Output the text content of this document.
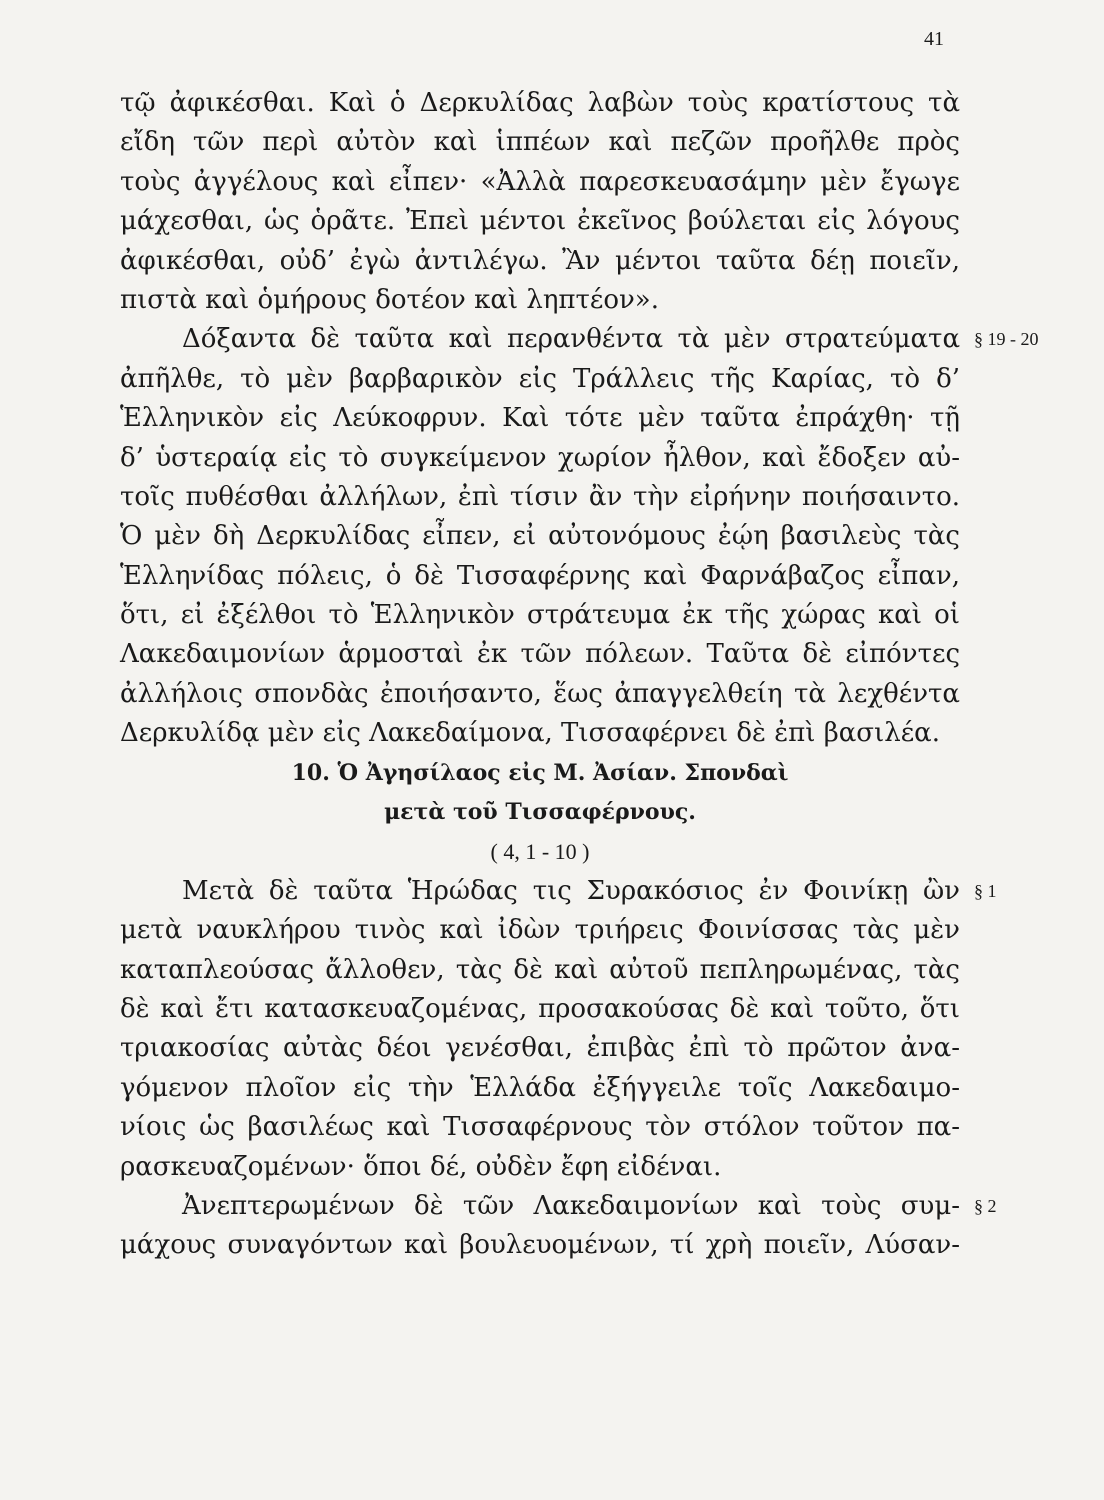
41
τῷ ἀφικέσθαι. Καὶ ὁ Δερκυλίδας λαβὼν τοὺς κρατίστους τὰ
εἴδη τῶν περὶ αὐτὸν καὶ ἱππέων καὶ πεζῶν προῆλθε πρὸς
τοὺς ἀγγέλους καὶ εἶπεν· «Ἀλλὰ παρεσκευασάμην μὲν ἔγωγε
μάχεσθαι, ὡς ὁρᾶτε. Ἐπεὶ μέντοι ἐκεῖνος βούλεται εἰς λόγους
ἀφικέσθαι, οὐδ’ ἐγὼ ἀντιλέγω. Ἂν μέντοι ταῦτα δέῃ ποιεῖν,
πιστὰ καὶ ὁμήρους δοτέον καὶ ληπτέον».
Δόξαντα δὲ ταῦτα καὶ περανθέντα τὰ μὲν στρατεύματα § 19 - 20
ἀπῆλθε, τὸ μὲν βαρβαρικὸν εἰς Τράλλεις τῆς Καρίας, τὸ δ’
Ἑλληνικὸν εἰς Λεύκοφρυν. Καὶ τότε μὲν ταῦτα ἐπράχθη· τῇ
δ’ ὑστεραίᾳ εἰς τὸ συγκείμενον χωρίον ἦλθον, καὶ ἔδοξεν αὐ-
τοῖς πυθέσθαι ἀλλήλων, ἐπὶ τίσιν ἂν τὴν εἰρήνην ποιήσαιντο.
Ὁ μὲν δὴ Δερκυλίδας εἶπεν, εἰ αὐτονόμους ἐῴη βασιλεὺς τὰς
Ἑλληνίδας πόλεις, ὁ δὲ Τισσαφέρνης καὶ Φαρνάβαζος εἶπαν,
ὅτι, εἰ ἐξέλθοι τὸ Ἑλληνικὸν στράτευμα ἐκ τῆς χώρας καὶ οἱ
Λακεδαιμονίων ἁρμοσταὶ ἐκ τῶν πόλεων. Ταῦτα δὲ εἰπόντες
ἀλλήλοις σπονδὰς ἐποιήσαντο, ἕως ἀπαγγελθείη τὰ λεχθέντα
Δερκυλίδᾳ μὲν εἰς Λακεδαίμονα, Τισσαφέρνει δὲ ἐπὶ βασιλέα.
10. Ὁ Ἀγησίλαος εἰς Μ. Ἀσίαν. Σπονδαὶ
μετὰ τοῦ Τισσαφέρνους.
( 4, 1 - 10 )
Μετὰ δὲ ταῦτα Ἡρώδας τις Συρακόσιος ἐν Φοινίκῃ ὢν § 1
μετὰ ναυκλήρου τινὸς καὶ ἰδὼν τριήρεις Φοινίσσας τὰς μὲν
καταπλεούσας ἄλλοθεν, τὰς δὲ καὶ αὐτοῦ πεπληρωμένας, τὰς
δὲ καὶ ἔτι κατασκευαζομένας, προσακούσας δὲ καὶ τοῦτο, ὅτι
τριακοσίας αὐτὰς δέοι γενέσθαι, ἐπιβὰς ἐπὶ τὸ πρῶτον ἀνα-
γόμενον πλοῖον εἰς τὴν Ἑλλάδα ἐξήγγειλε τοῖς Λακεδαιμο-
νίοις ὡς βασιλέως καὶ Τισσαφέρνους τὸν στόλον τοῦτον πα-
ρασκευαζομένων· ὅποι δέ, οὐδὲν ἔφη εἰδέναι.
Ἀνεπτερωμένων δὲ τῶν Λακεδαιμονίων καὶ τοὺς συμ- § 2
μάχους συναγόντων καὶ βουλευομένων, τί χρὴ ποιεῖν, Λύσαν-
